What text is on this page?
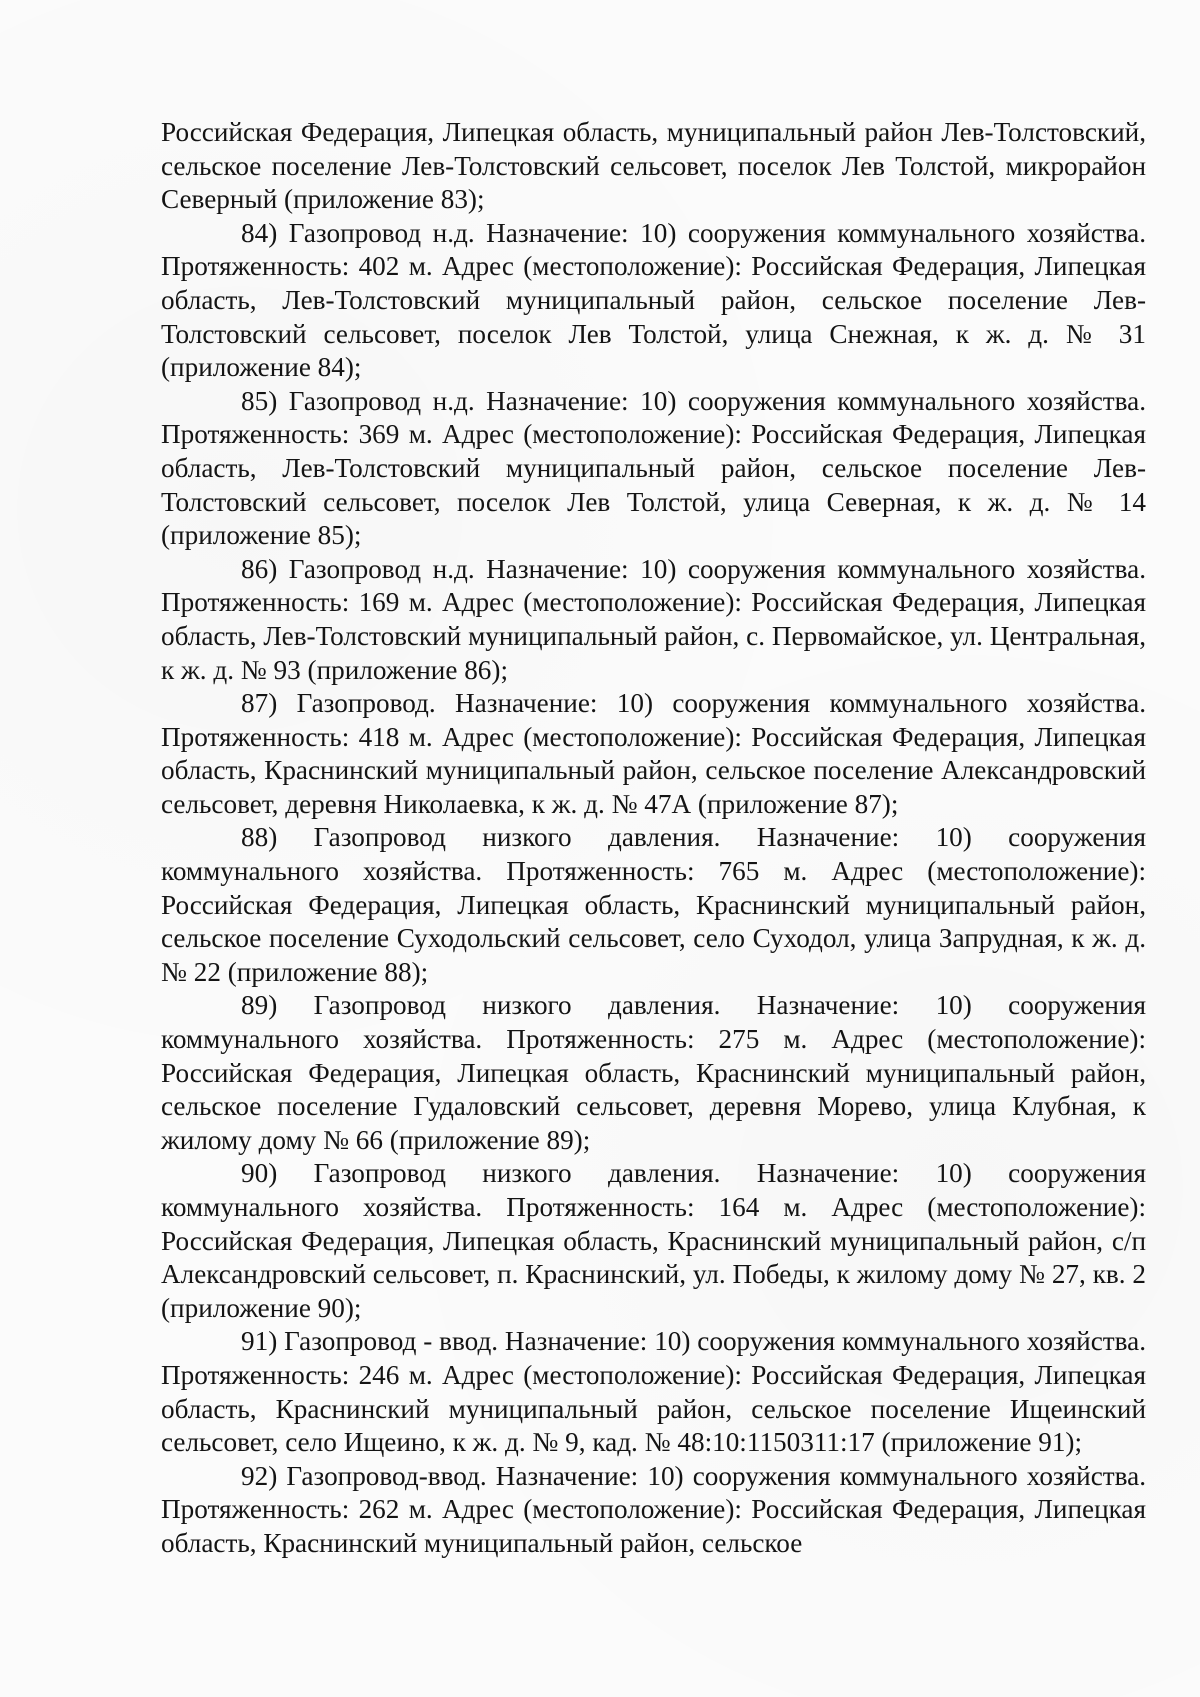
Российская Федерация, Липецкая область, муниципальный район Лев-Толстовский, сельское поселение Лев-Толстовский сельсовет, поселок Лев Толстой, микрорайон Северный (приложение 83);

84) Газопровод н.д. Назначение: 10) сооружения коммунального хозяйства. Протяженность: 402 м. Адрес (местоположение): Российская Федерация, Липецкая область, Лев-Толстовский муниципальный район, сельское поселение Лев-Толстовский сельсовет, поселок Лев Толстой, улица Снежная, к ж. д. № 31 (приложение 84);

85) Газопровод н.д. Назначение: 10) сооружения коммунального хозяйства. Протяженность: 369 м. Адрес (местоположение): Российская Федерация, Липецкая область, Лев-Толстовский муниципальный район, сельское поселение Лев-Толстовский сельсовет, поселок Лев Толстой, улица Северная, к ж. д. № 14 (приложение 85);

86) Газопровод н.д. Назначение: 10) сооружения коммунального хозяйства. Протяженность: 169 м. Адрес (местоположение): Российская Федерация, Липецкая область, Лев-Толстовский муниципальный район, с. Первомайское, ул. Центральная, к ж. д. № 93 (приложение 86);

87) Газопровод. Назначение: 10) сооружения коммунального хозяйства. Протяженность: 418 м. Адрес (местоположение): Российская Федерация, Липецкая область, Краснинский муниципальный район, сельское поселение Александровский сельсовет, деревня Николаевка, к ж. д. № 47А (приложение 87);

88) Газопровод низкого давления. Назначение: 10) сооружения коммунального хозяйства. Протяженность: 765 м. Адрес (местоположение): Российская Федерация, Липецкая область, Краснинский муниципальный район, сельское поселение Суходольский сельсовет, село Суходол, улица Запрудная, к ж. д. № 22 (приложение 88);

89) Газопровод низкого давления. Назначение: 10) сооружения коммунального хозяйства. Протяженность: 275 м. Адрес (местоположение): Российская Федерация, Липецкая область, Краснинский муниципальный район, сельское поселение Гудаловский сельсовет, деревня Морево, улица Клубная, к жилому дому № 66 (приложение 89);

90) Газопровод низкого давления. Назначение: 10) сооружения коммунального хозяйства. Протяженность: 164 м. Адрес (местоположение): Российская Федерация, Липецкая область, Краснинский муниципальный район, с/п Александровский сельсовет, п. Краснинский, ул. Победы, к жилому дому № 27, кв. 2 (приложение 90);

91) Газопровод - ввод. Назначение: 10) сооружения коммунального хозяйства. Протяженность: 246 м. Адрес (местоположение): Российская Федерация, Липецкая область, Краснинский муниципальный район, сельское поселение Ищеинский сельсовет, село Ищеино, к ж. д. № 9, кад. № 48:10:1150311:17 (приложение 91);

92) Газопровод-ввод. Назначение: 10) сооружения коммунального хозяйства. Протяженность: 262 м. Адрес (местоположение): Российская Федерация, Липецкая область, Краснинский муниципальный район, сельское
